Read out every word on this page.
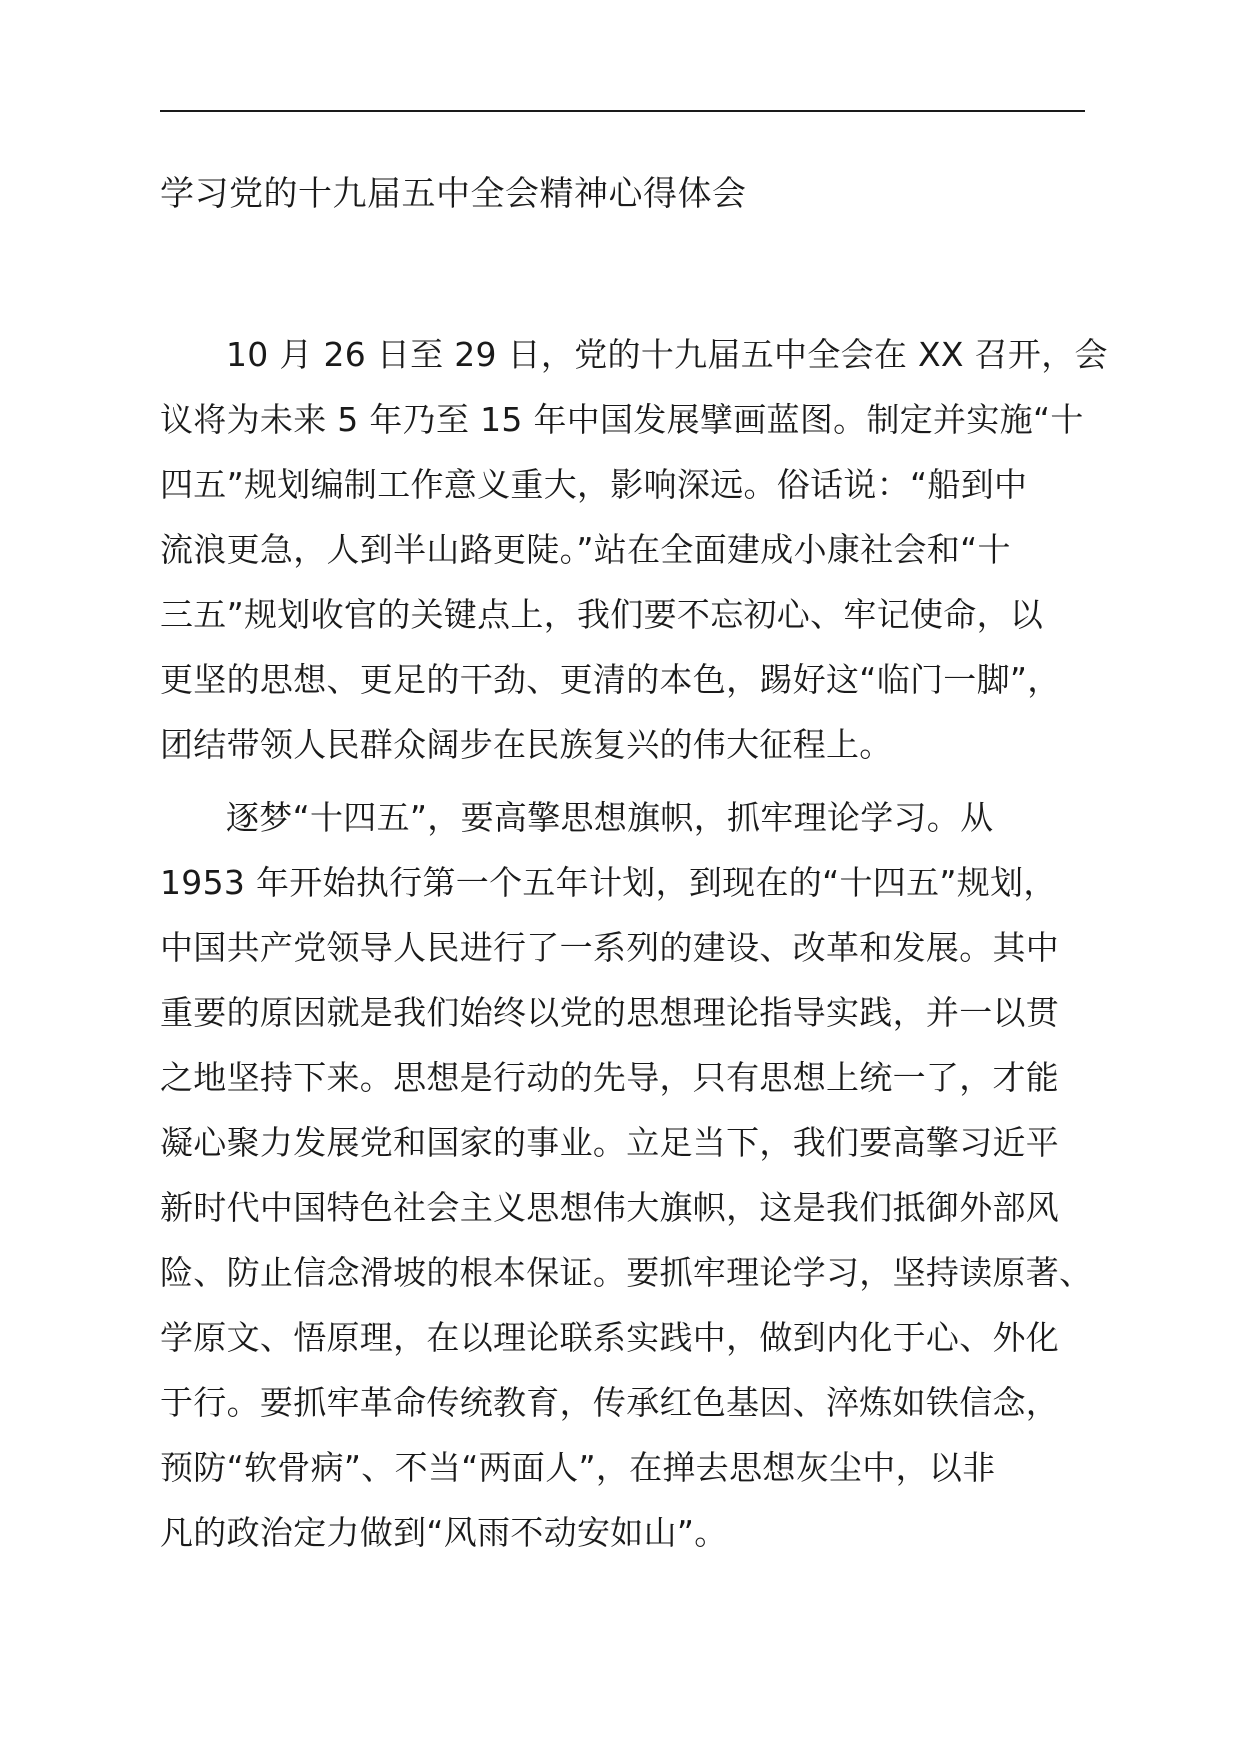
学习党的十九届五中全会精神心得体会

10 月 26 日至 29 日，党的十九届五中全会在 XX 召开，会
议将为未来 5 年乃至 15 年中国发展擘画蓝图。制定并实施“十
四五”规划编制工作意义重大，影响深远。俗话说：“船到中
流浪更急，人到半山路更陡。”站在全面建成小康社会和“十
三五”规划收官的关键点上，我们要不忘初心、牢记使命，以
更坚的思想、更足的干劲、更清的本色，踢好这“临门一脚”，
团结带领人民群众阔步在民族复兴的伟大征程上。

逐梦“十四五”，要高擎思想旗帜，抓牢理论学习。从
1953 年开始执行第一个五年计划，到现在的“十四五”规划，
中国共产党领导人民进行了一系列的建设、改革和发展。其中
重要的原因就是我们始终以党的思想理论指导实践，并一以贯
之地坚持下来。思想是行动的先导，只有思想上统一了，才能
凝心聚力发展党和国家的事业。立足当下，我们要高擎习近平
新时代中国特色社会主义思想伟大旗帜，这是我们抵御外部风
险、防止信念滑坡的根本保证。要抓牢理论学习，坚持读原著、
学原文、悟原理，在以理论联系实践中，做到内化于心、外化
于行。要抓牢革命传统教育，传承红色基因、淬炼如铁信念，
预防“软骨病”、不当“两面人”，在掸去思想灰尘中，以非
凡的政治定力做到“风雨不动安如山”。
